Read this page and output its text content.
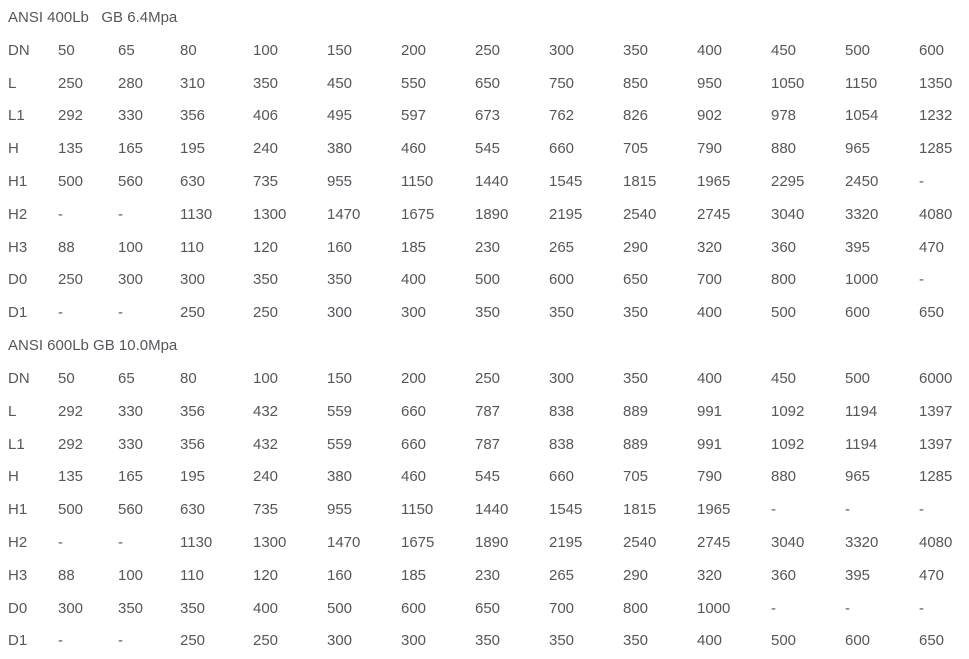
ANSI 400Lb   GB 6.4Mpa
DN	50	65	80	100	150	200	250	300	350	400	450	500	600
L	250	280	310	350	450	550	650	750	850	950	1050	1150	1350
L1	292	330	356	406	495	597	673	762	826	902	978	1054	1232
H	135	165	195	240	380	460	545	660	705	790	880	965	1285
H1	500	560	630	735	955	1150	1440	1545	1815	1965	2295	2450	-
H2	-	-	1130	1300	1470	1675	1890	2195	2540	2745	3040	3320	4080
H3	88	100	110	120	160	185	230	265	290	320	360	395	470
D0	250	300	300	350	350	400	500	600	650	700	800	1000	-
D1	-	-	250	250	300	300	350	350	350	400	500	600	650
ANSI 600Lb GB 10.0Mpa
DN	50	65	80	100	150	200	250	300	350	400	450	500	6000
L	292	330	356	432	559	660	787	838	889	991	1092	1194	1397
L1	292	330	356	432	559	660	787	838	889	991	1092	1194	1397
H	135	165	195	240	380	460	545	660	705	790	880	965	1285
H1	500	560	630	735	955	1150	1440	1545	1815	1965	-	-	-
H2	-	-	1130	1300	1470	1675	1890	2195	2540	2745	3040	3320	4080
H3	88	100	110	120	160	185	230	265	290	320	360	395	470
D0	300	350	350	400	500	600	650	700	800	1000	-	-	-
D1	-	-	250	250	300	300	350	350	350	400	500	600	650
